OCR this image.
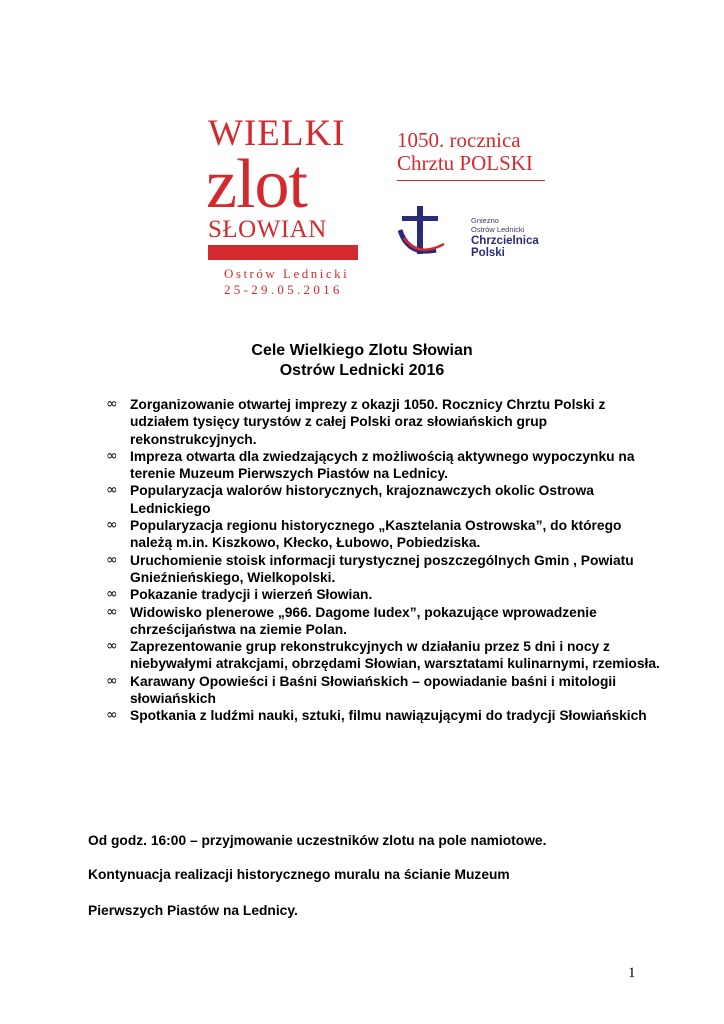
WIELKI
zlot
SŁOWIAN
Ostrów Lednicki
25-29.05.2016
1050. rocznica
Chrztu POLSKI
Gniezno
Ostrów Lednicki
Chrzcielnica
Polski
Cele Wielkiego Zlotu Słowian
Ostrów Lednicki 2016
∞ Zorganizowanie otwartej imprezy z okazji 1050. Rocznicy Chrztu Polski z udziałem tysięcy turystów z całej Polski oraz słowiańskich grup rekonstrukcyjnych.
∞ Impreza otwarta dla zwiedzających z możliwością aktywnego wypoczynku na terenie Muzeum Pierwszych Piastów na Lednicy.
∞ Popularyzacja walorów historycznych, krajoznawczych okolic Ostrowa Lednickiego
∞ Popularyzacja regionu historycznego „Kasztelania Ostrowska”, do którego należą m.in. Kiszkowo, Kłecko, Łubowo, Pobiedziska.
∞ Uruchomienie stoisk informacji turystycznej poszczególnych Gmin , Powiatu Gnieźnieńskiego, Wielkopolski.
∞ Pokazanie tradycji i wierzeń Słowian.
∞ Widowisko plenerowe „966. Dagome Iudex”, pokazujące wprowadzenie chrześcijaństwa na ziemie Polan.
∞ Zaprezentowanie grup rekonstrukcyjnych w działaniu przez 5 dni i nocy z niebywałymi atrakcjami, obrzędami Słowian, warsztatami kulinarnymi, rzemiosła.
∞ Karawany Opowieści i Baśni Słowiańskich – opowiadanie baśni i mitologii słowiańskich
∞ Spotkania z ludźmi nauki, sztuki, filmu nawiązującymi do tradycji Słowiańskich
Od godz. 16:00 – przyjmowanie uczestników zlotu na pole namiotowe.
Kontynuacja realizacji historycznego muralu na ścianie Muzeum
Pierwszych Piastów na Lednicy.
1
